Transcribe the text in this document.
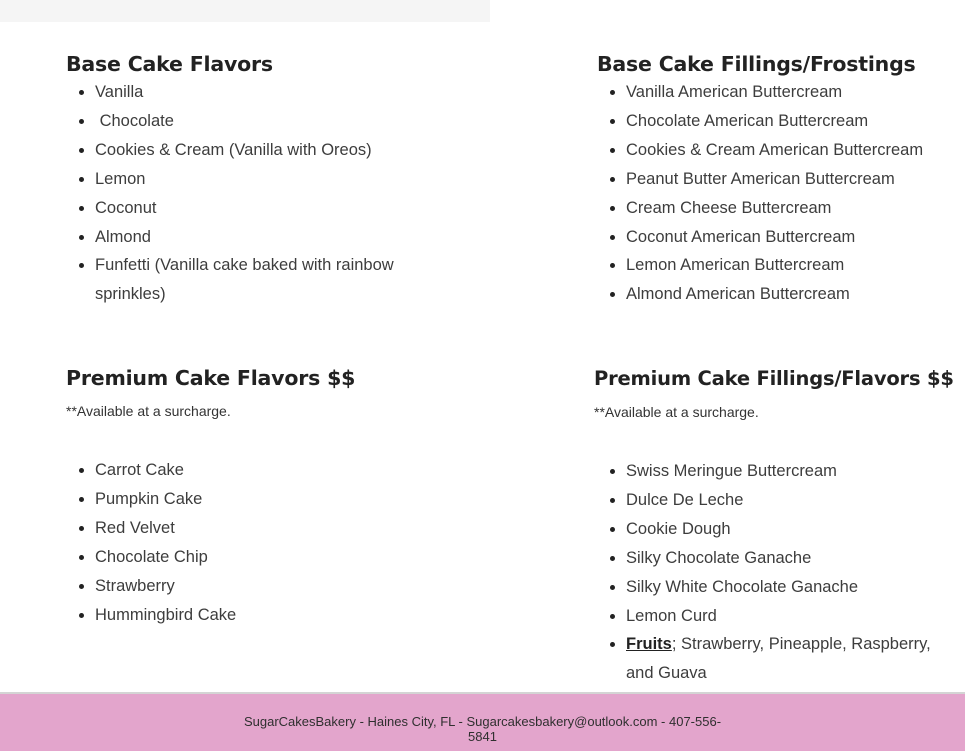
Base Cake Flavors
• Vanilla
•  Chocolate
• Cookies & Cream (Vanilla with Oreos)
• Lemon
• Coconut
• Almond
• Funfetti (Vanilla cake baked with rainbow sprinkles)
Base Cake Fillings/Frostings
• Vanilla American Buttercream
• Chocolate American Buttercream
• Cookies & Cream American Buttercream
• Peanut Butter American Buttercream
• Cream Cheese Buttercream
• Coconut American Buttercream
• Lemon American Buttercream
• Almond American Buttercream
Premium Cake Flavors $$

**Available at a surcharge.

• Carrot Cake
• Pumpkin Cake
• Red Velvet
• Chocolate Chip
• Strawberry
• Hummingbird Cake
Premium Cake Fillings/Flavors $$

**Available at a surcharge.

• Swiss Meringue Buttercream
• Dulce De Leche
• Cookie Dough
• Silky Chocolate Ganache
• Silky White Chocolate Ganache
• Lemon Curd
• Fruits; Strawberry, Pineapple, Raspberry, and Guava
SugarCakesBakery - Haines City, FL - Sugarcakesbakery@outlook.com - 407-556-5841
